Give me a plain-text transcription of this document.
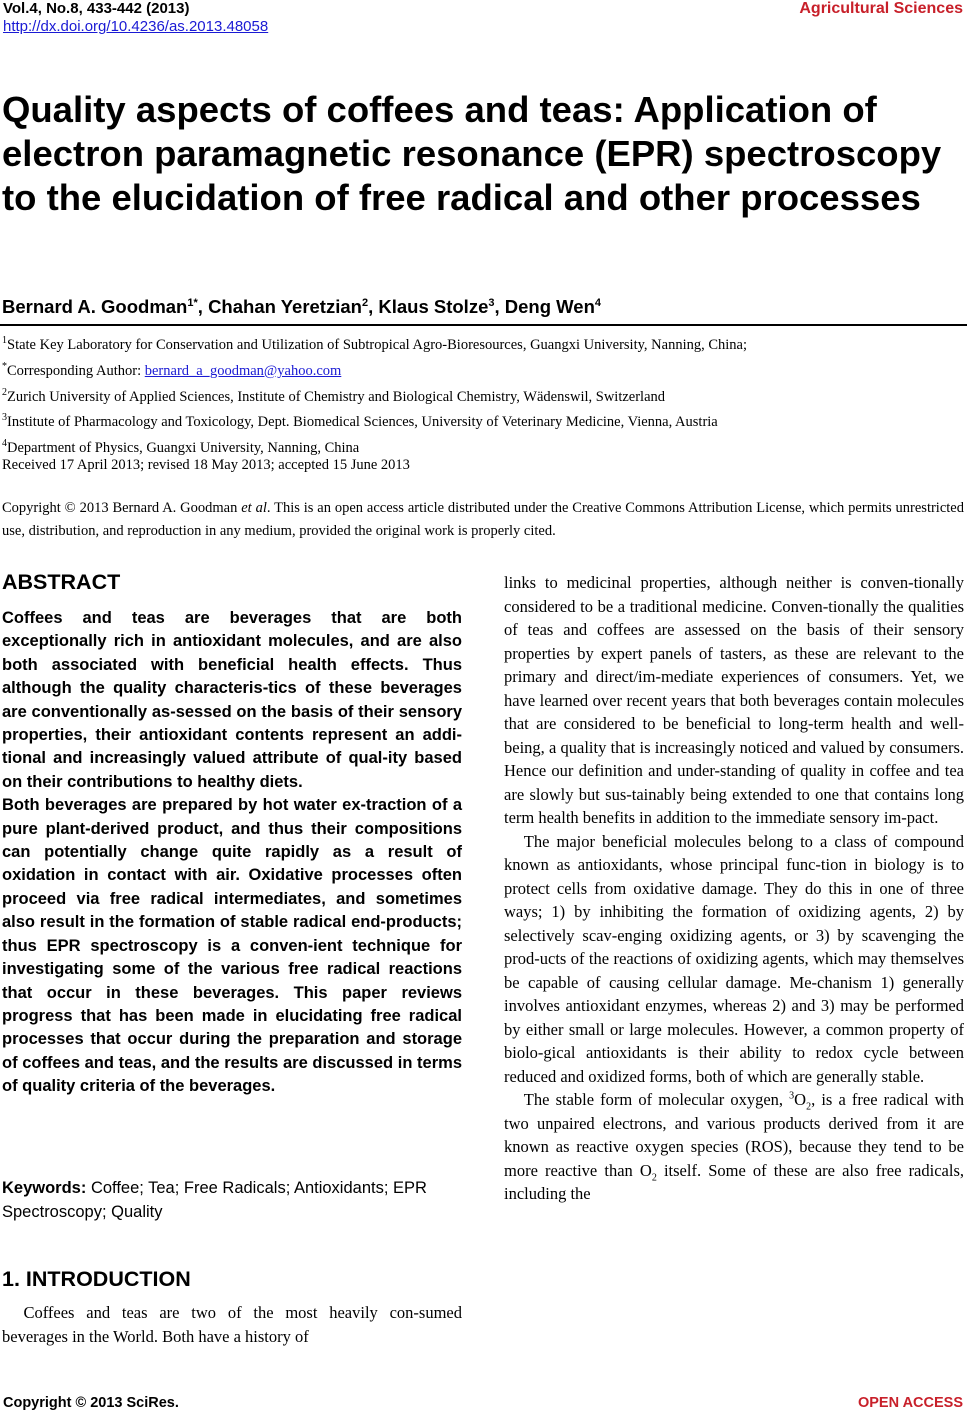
Vol.4, No.8, 433-442 (2013)
http://dx.doi.org/10.4236/as.2013.48058
Agricultural Sciences
Quality aspects of coffees and teas: Application of electron paramagnetic resonance (EPR) spectroscopy to the elucidation of free radical and other processes
Bernard A. Goodman$^{1*}$, Chahan Yeretzian$^2$, Klaus Stolze$^3$, Deng Wen$^4$
$^1$State Key Laboratory for Conservation and Utilization of Subtropical Agro-Bioresources, Guangxi University, Nanning, China;
*Corresponding Author: bernard_a_goodman@yahoo.com
$^2$Zurich University of Applied Sciences, Institute of Chemistry and Biological Chemistry, Wädenswil, Switzerland
$^3$Institute of Pharmacology and Toxicology, Dept. Biomedical Sciences, University of Veterinary Medicine, Vienna, Austria
$^4$Department of Physics, Guangxi University, Nanning, China
Received 17 April 2013; revised 18 May 2013; accepted 15 June 2013

Copyright © 2013 Bernard A. Goodman et al. This is an open access article distributed under the Creative Commons Attribution License, which permits unrestricted use, distribution, and reproduction in any medium, provided the original work is properly cited.

ABSTRACT
Coffees and teas are beverages that are both exceptionally rich in antioxidant molecules, and are also both associated with beneficial health effects. Thus although the quality characteris-tics of these beverages are conventionally as-sessed on the basis of their sensory properties, their antioxidant contents represent an addi-tional and increasingly valued attribute of qual-ity based on their contributions to healthy diets.
Both beverages are prepared by hot water ex-traction of a pure plant-derived product, and thus their compositions can potentially change quite rapidly as a result of oxidation in contact with air. Oxidative processes often proceed via free radical intermediates, and sometimes also result in the formation of stable radical end-products; thus EPR spectroscopy is a conven-ient technique for investigating some of the various free radical reactions that occur in these beverages. This paper reviews progress that has been made in elucidating free radical processes that occur during the preparation and storage of coffees and teas, and the results are discussed in terms of quality criteria of the beverages.

Keywords: Coffee; Tea; Free Radicals; Antioxidants; EPR Spectroscopy; Quality

1. INTRODUCTION

Coffees and teas are two of the most heavily con-sumed beverages in the World. Both have a history of

links to medicinal properties, although neither is conven-tionally considered to be a traditional medicine. Conven-tionally the qualities of teas and coffees are assessed on the basis of their sensory properties by expert panels of tasters, as these are relevant to the primary and direct/im-mediate experiences of consumers. Yet, we have learned over recent years that both beverages contain molecules that are considered to be beneficial to long-term health and well-being, a quality that is increasingly noticed and valued by consumers. Hence our definition and under-standing of quality in coffee and tea are slowly but sus-tainably being extended to one that contains long term health benefits in addition to the immediate sensory im-pact.

The major beneficial molecules belong to a class of compound known as antioxidants, whose principal func-tion in biology is to protect cells from oxidative damage. They do this in one of three ways; 1) by inhibiting the formation of oxidizing agents, 2) by selectively scav-enging oxidizing agents, or 3) by scavenging the prod-ucts of the reactions of oxidizing agents, which may themselves be capable of causing cellular damage. Me-chanism 1) generally involves antioxidant enzymes, whereas 2) and 3) may be performed by either small or large molecules. However, a common property of biolo-gical antioxidants is their ability to redox cycle between reduced and oxidized forms, both of which are generally stable.

The stable form of molecular oxygen, $^3O_2$, is a free radical with two unpaired electrons, and various products derived from it are known as reactive oxygen species (ROS), because they tend to be more reactive than $O_2$ itself. Some of these are also free radicals, including the

Copyright © 2013 SciRes.	OPEN ACCESS
